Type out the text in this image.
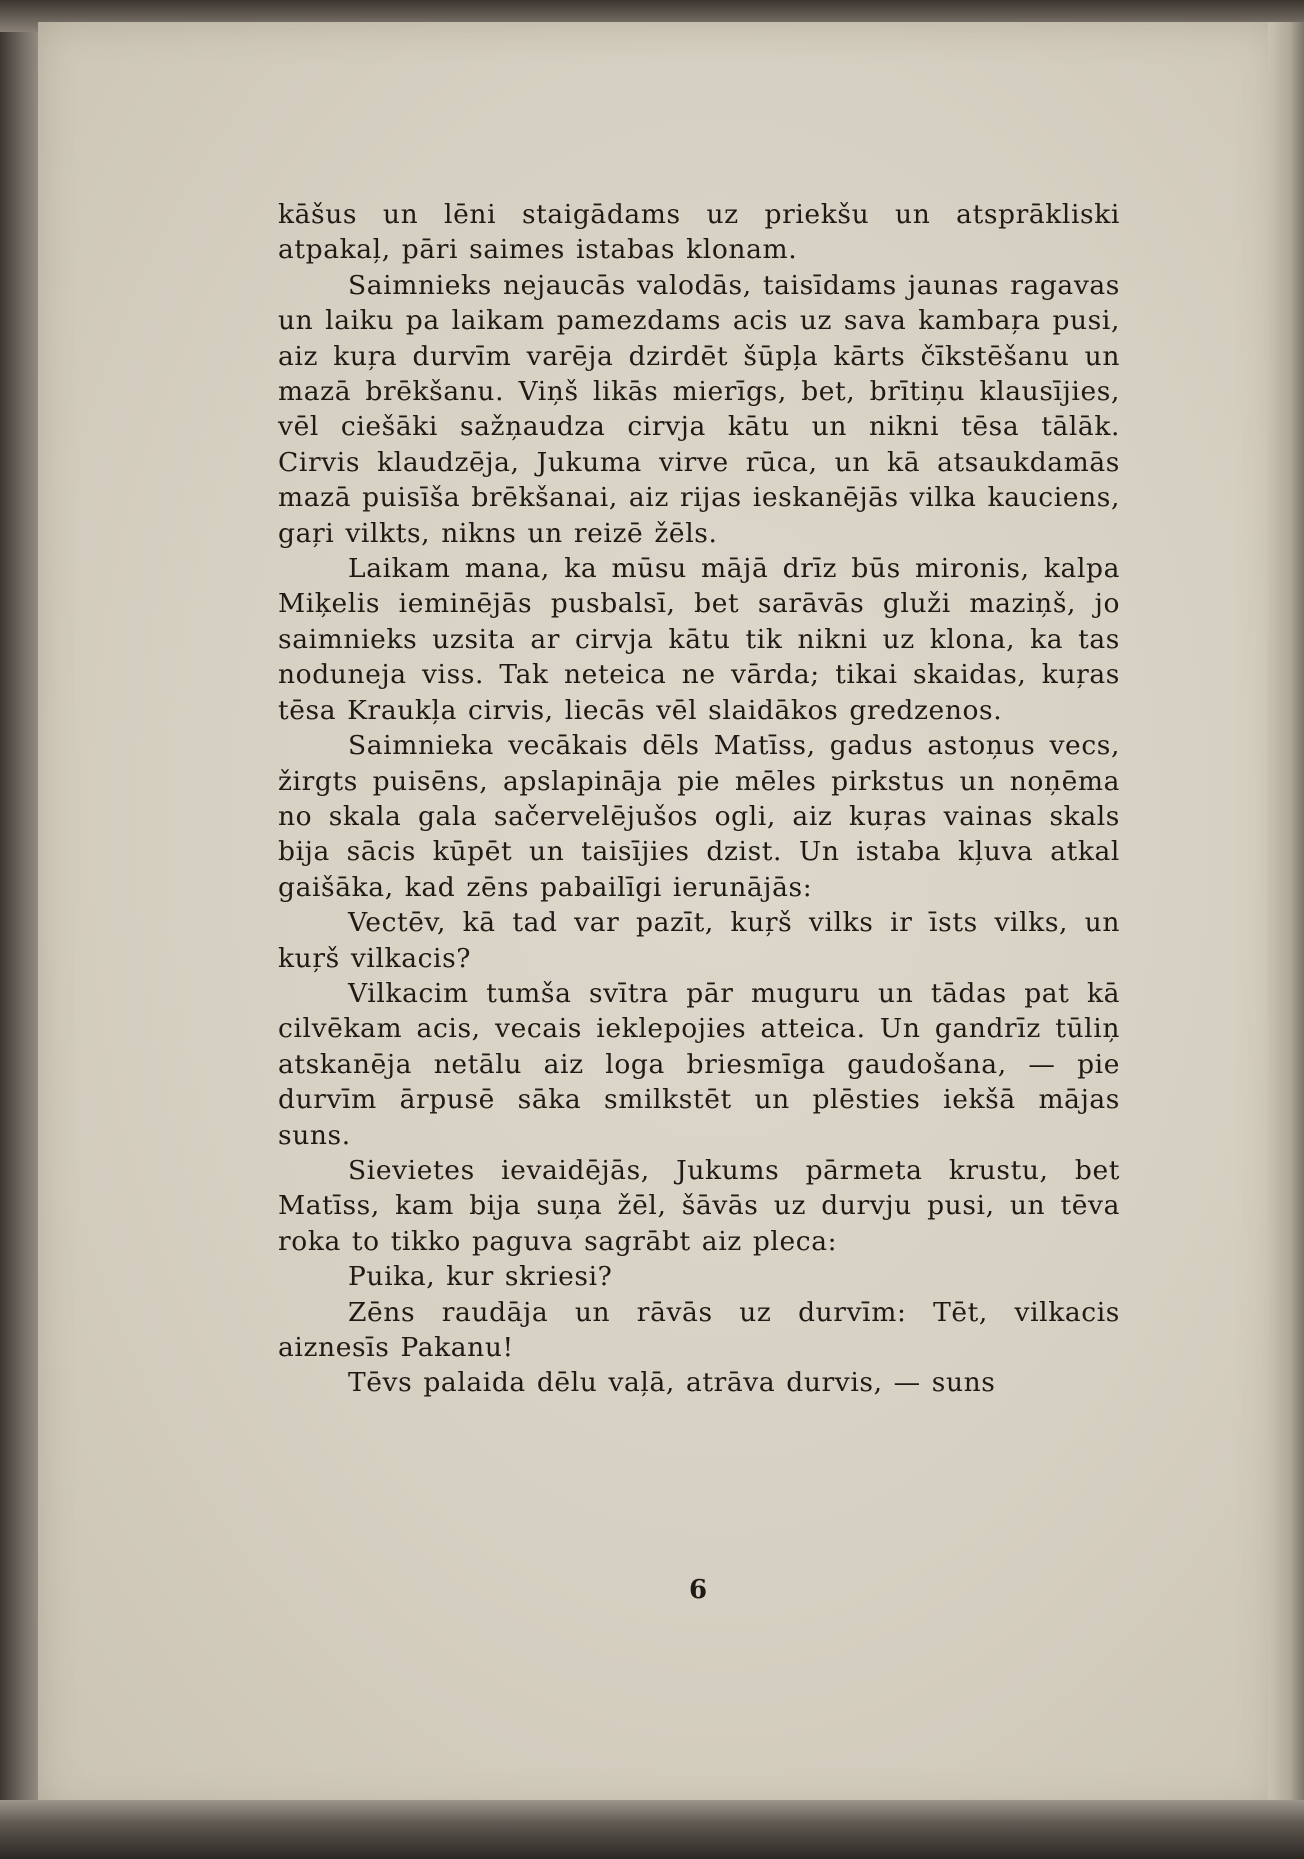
kāšus un lēni staigādams uz priekšu un atsprākliski atpakaļ, pāri saimes istabas klonam.

Saimnieks nejaucās valodās, taisīdams jaunas ragavas un laiku pa laikam pamezdams acis uz sava kambaŗa pusi, aiz kuŗa durvīm varēja dzirdēt šūpļa kārts čīkstēšanu un mazā brēkšanu. Viņš likās mierīgs, bet, brītiņu klausījies, vēl ciešāki sažņaudza cirvja kātu un nikni tēsa tālāk. Cirvis klaudzēja, Jukuma virve rūca, un kā atsaukdamās mazā puisīša brēkšanai, aiz rijas ieskanējās vilka kauciens, gaŗi vilkts, nikns un reizē žēls.

Laikam mana, ka mūsu mājā drīz būs mironis, kalpa Miķelis ieminējās pusbalsī, bet sarāvās gluži maziņš, jo saimnieks uzsita ar cirvja kātu tik nikni uz klona, ka tas noduneja viss. Tak neteica ne vārda; tikai skaidas, kuŗas tēsa Kraukļa cirvis, liecās vēl slaidākos gredzenos.

Saimnieka vecākais dēls Matīss, gadus astoņus vecs, žirgts puisēns, apslapināja pie mēles pirkstus un noņēma no skala gala sačervelējušos ogli, aiz kuŗas vainas skals bija sācis kūpēt un taisījies dzist. Un istaba kļuva atkal gaišāka, kad zēns pabailīgi ierunājās:

Vectēv, kā tad var pazīt, kuŗš vilks ir īsts vilks, un kuŗš vilkacis?

Vilkacim tumša svītra pār muguru un tādas pat kā cilvēkam acis, vecais ieklepojies atteica. Un gandrīz tūliņ atskanēja netālu aiz loga briesmīga gaudošana, — pie durvīm ārpusē sāka smilkstēt un plēsties iekšā mājas suns.

Sievietes ievaidējās, Jukums pārmeta krustu, bet Matīss, kam bija suņa žēl, šāvās uz durvju pusi, un tēva roka to tikko paguva sagrābt aiz pleca:

Puika, kur skriesi?

Zēns raudāja un rāvās uz durvīm: Tēt, vilkacis aiznesīs Pakanu!

Tēvs palaida dēlu vaļā, atrāva durvis, — suns

6
